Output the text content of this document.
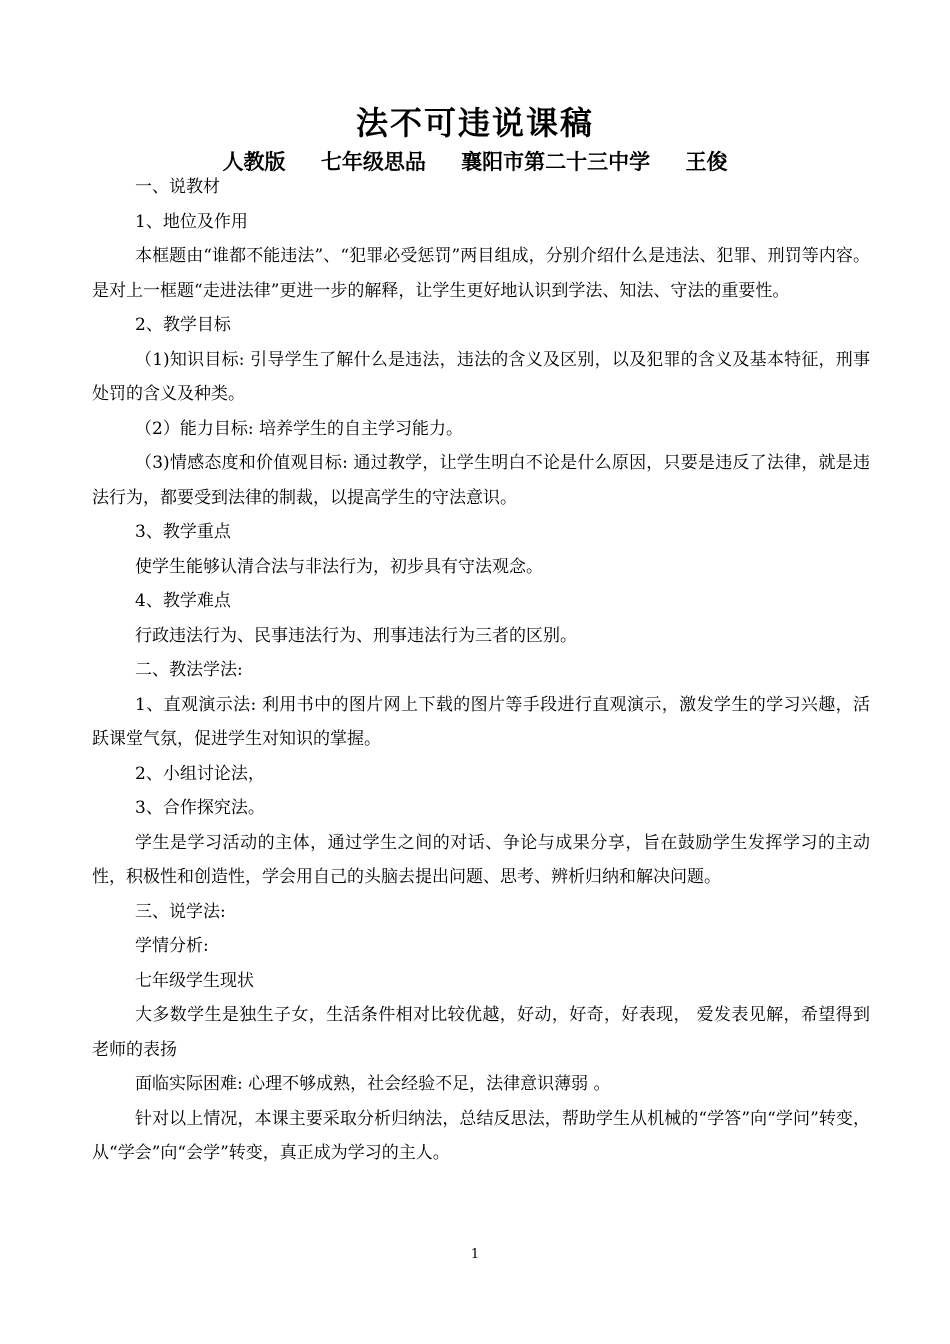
法不可违说课稿
人教版 七年级思品 襄阳市第二十三中学 王俊

一、说教材

1、地位及作用

本框题由“谁都不能违法”、“犯罪必受惩罚”两目组成，分别介绍什么是违法、犯罪、刑罚等内容。是对上一框题“走进法律”更进一步的解释，让学生更好地认识到学法、知法、守法的重要性。

2、教学目标

（1)知识目标: 引导学生了解什么是违法，违法的含义及区别，以及犯罪的含义及基本特征，刑事处罚的含义及种类。

（2）能力目标: 培养学生的自主学习能力。

（3)情感态度和价值观目标: 通过教学，让学生明白不论是什么原因，只要是违反了法律，就是违法行为，都要受到法律的制裁，以提高学生的守法意识。

3、教学重点

使学生能够认清合法与非法行为，初步具有守法观念。

4、教学难点

行政违法行为、民事违法行为、刑事违法行为三者的区别。

二、教法学法:

1、直观演示法: 利用书中的图片网上下载的图片等手段进行直观演示，激发学生的学习兴趣，活跃课堂气氛，促进学生对知识的掌握。

2、小组讨论法，

3、合作探究法。

学生是学习活动的主体，通过学生之间的对话、争论与成果分享，旨在鼓励学生发挥学习的主动性，积极性和创造性，学会用自己的头脑去提出问题、思考、辨析归纳和解决问题。

三、说学法:

学情分析:

七年级学生现状

大多数学生是独生子女，生活条件相对比较优越，好动，好奇，好表现， 爱发表见解，希望得到老师的表扬

面临实际困难: 心理不够成熟，社会经验不足，法律意识薄弱 。

针对以上情况，本课主要采取分析归纳法，总结反思法，帮助学生从机械的“学答”向“学问”转变，从“学会”向“会学”转变，真正成为学习的主人。

1
